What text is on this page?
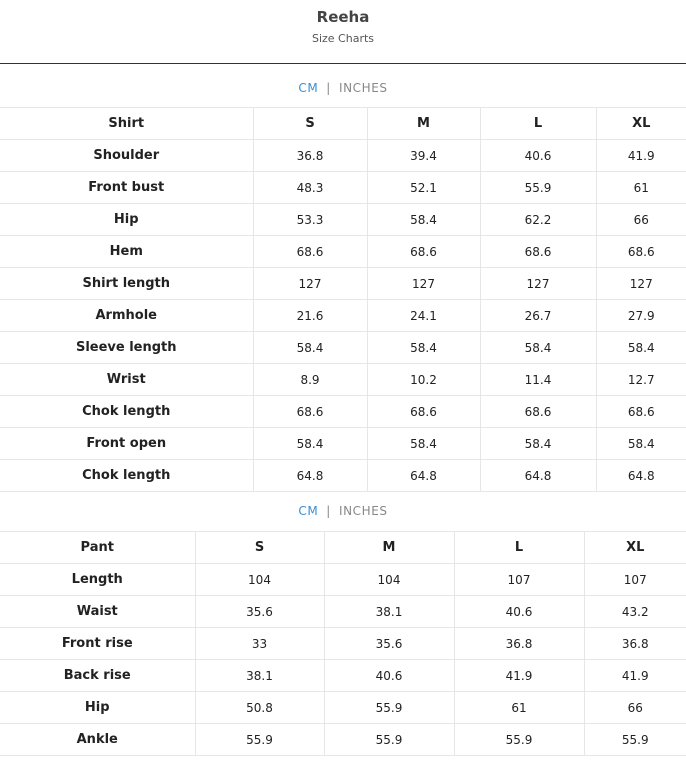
Reeha
Size Charts
CM | INCHES
Shirt	S	M	L	XL
Shoulder	36.8	39.4	40.6	41.9
Front bust	48.3	52.1	55.9	61
Hip	53.3	58.4	62.2	66
Hem	68.6	68.6	68.6	68.6
Shirt length	127	127	127	127
Armhole	21.6	24.1	26.7	27.9
Sleeve length	58.4	58.4	58.4	58.4
Wrist	8.9	10.2	11.4	12.7
Chok length	68.6	68.6	68.6	68.6
Front open	58.4	58.4	58.4	58.4
Chok length	64.8	64.8	64.8	64.8
CM | INCHES
Pant	S	M	L	XL
Length	104	104	107	107
Waist	35.6	38.1	40.6	43.2
Front rise	33	35.6	36.8	36.8
Back rise	38.1	40.6	41.9	41.9
Hip	50.8	55.9	61	66
Ankle	55.9	55.9	55.9	55.9
